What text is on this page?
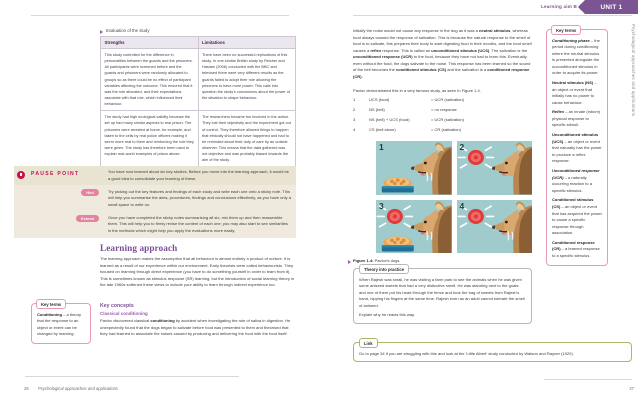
Evaluation of the study
Strengths	Limitations
This study controlled for the difference in personalities between the guards and the prisoners. All participants were screened before and the guards and prisoners were randomly allocated to groups so as there could be no effect of participant variables affecting the outcome. This ensured that it was the role allocated, and their expectations associate with that role, which influenced their behaviour.	There have been no successful replications of this study. In one similar British study by Reicher and Haslam (2006) conducted with the BBC and televised there were very different results as the guards failed to adopt their role allowing the prisoners to have more power. This calls into question the study's conclusions about the power of the situation to shape behaviour.
The study had high ecological validity because the set up had many similar aspects to real prison. The prisoners were arrested at home, for example, and taken to the cells by real police officers making it seem more real to them and reinforcing the role they were given. The study has therefore been used to explain real-world examples of prison abuse.	The researchers became too involved in the action. They lost their objectivity and the experiment got out of control. They therefore allowed things to happen that ethically should not have happened and had to be reminded about their duty of care by an outside observer. This means that the data gathered was not objective and was probably biased towards the aim of the study.
PAUSE POINT	You have now learned about six key studies. Before you move into the learning approach, it would be a good idea to consolidate your learning of these.
Hint	Try picking out the key features and findings of each study and write each one onto a sticky note. This will help you summarise the aims, procedures, findings and conclusions effectively, as you have only a small space to write on.
Extend	Once you have completed the sticky notes summarising all six, mix them up and then reassemble them. This will help you to firmly revise the content of each one; you may also start to see similarities in the methods which might help you apply the evaluations more easily.
Learning approach
The learning approach makes the assumption that all behaviour is almost entirely a product of nurture. It is learned as a result of our experience within our environment. Early theorists were called behaviourists. They focused on learning through direct experience (you have to do something yourself in order to learn from it). This is sometimes known as stimulus response (SR) learning, but the introduction of social learning theory in the late 1960s softened these views to include your ability to learn through indirect experience too.
Key concepts
Classical conditioning
Pavlov discovered classical conditioning by accident when investigating the role of saliva in digestion. He unexpectedly found that the dogs began to salivate before food was presented to them and theorised that they had learned to associate the noises caused by producing and delivering the food with the food itself.
Key terms

Conditioning – a theory that the response to an object or event can be changed by learning.

26 Psychological approaches and applications
Learning aim B	UNIT 1
Psychological approaches and applications
Initially the noise would not cause any response in the dog as it was a neutral stimulus, whereas food always caused the response of salivation. This is because the natural response to the smell of food is to salivate, this prepares their body to start digesting food in their mouths, and the food smell causes a reflex response. This is called an unconditioned stimulus (UCS). The salivation is the unconditioned response (UCR) to the food, because they have not had to learn this. Eventually, even without the food, the dogs salivate to the noise. This response has been learned so the sound of the bell becomes the conditioned stimulus (CS) and the salivation is a conditioned response (CR).
Pavlov demonstrated this in a very famous study, as seen in Figure 1.4.
1	UCS (food)	= UCR (salivation)
2	NS (bell)	= no response
3	NS (bell) + UCS (food)	= UCR (salivation)
4	CS (bell alone)	= CR (salivation)
1	2
3	4
Figure 1.4: Pavlov's dogs
Theory into practice

When Rajesh was small, he was visiting a farm park to see the animals when he was given some aniseed sweets that had a very distinctive smell. He was standing next to the goats and one of them put his head through the fence and took the bag of sweets from Rajesh's hand, nipping his fingers at the same time. Rajesh even as an adult cannot tolerate the smell of aniseed.

Explain why he reacts this way.

Link
Go to page 34 if you are struggling with this and look at the 'Little Albert' study conducted by Watson and Rayner (1920).
Key terms

Conditioning phase – the period during conditioning where the neutral stimulus is presented alongside the unconditioned stimulus in order to acquire its power.

Neutral stimulus (NS) – an object or event that initially has no power to cause behaviour.

Reflex – an innate (inborn) physical response to specific stimuli.

Unconditioned stimulus (UCS) – an object or event that naturally has the power to produce a reflex response.

Unconditioned response (UCR) – a naturally occurring reaction to a specific stimulus.

Conditioned stimulus (CS) – an object or event that has acquired the power to cause a specific response through association.

Conditioned response (CR) – a learned response to a specific stimulus.

27
